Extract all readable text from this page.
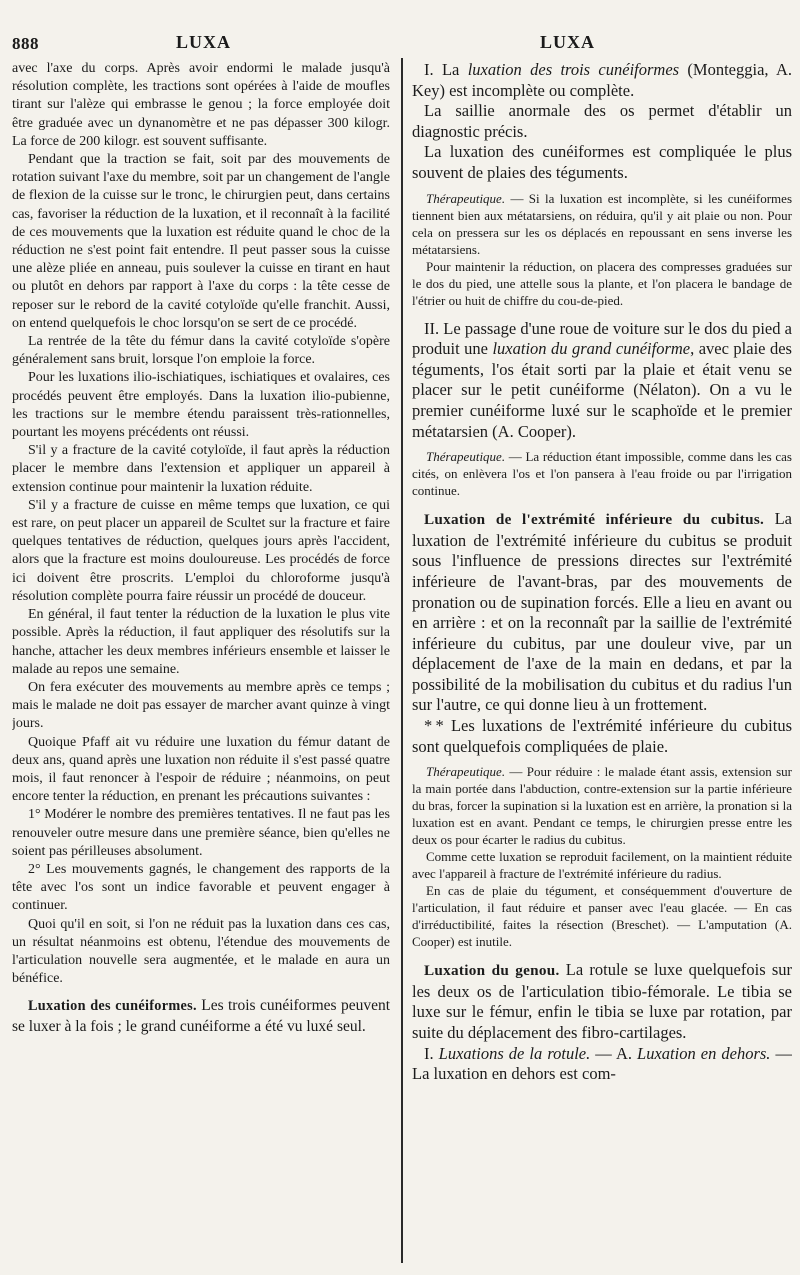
888	LUXA	LUXA

avec l'axe du corps. Après avoir endormi le malade jusqu'à résolution complète, les tractions sont opérées à l'aide de moufles tirant sur l'alèze qui embrasse le genou ; la force employée doit être graduée avec un dynanomètre et ne pas dépasser 300 kilogr. La force de 200 kilogr. est souvent suffisante.

Pendant que la traction se fait, soit par des mouvements de rotation suivant l'axe du membre, soit par un changement de l'angle de flexion de la cuisse sur le tronc, le chirurgien peut, dans certains cas, favoriser la réduction de la luxation, et il reconnaît à la facilité de ces mouvements que la luxation est réduite quand le choc de la réduction ne s'est point fait entendre. Il peut passer sous la cuisse une alèze pliée en anneau, puis soulever la cuisse en tirant en haut ou plutôt en dehors par rapport à l'axe du corps : la tête cesse de reposer sur le rebord de la cavité cotyloïde qu'elle franchit. Aussi, on entend quelquefois le choc lorsqu'on se sert de ce procédé.

La rentrée de la tête du fémur dans la cavité cotyloïde s'opère généralement sans bruit, lorsque l'on emploie la force.

Pour les luxations ilio-ischiatiques, ischiatiques et ovalaires, ces procédés peuvent être employés. Dans la luxation ilio-pubienne, les tractions sur le membre étendu paraissent très-rationnelles, pourtant les moyens précédents ont réussi.

S'il y a fracture de la cavité cotyloïde, il faut après la réduction placer le membre dans l'extension et appliquer un appareil à extension continue pour maintenir la luxation réduite.

S'il y a fracture de cuisse en même temps que luxation, ce qui est rare, on peut placer un appareil de Scultet sur la fracture et faire quelques tentatives de réduction, quelques jours après l'accident, alors que la fracture est moins douloureuse. Les procédés de force ici doivent être proscrits. L'emploi du chloroforme jusqu'à résolution complète pourra faire réussir un procédé de douceur.

En général, il faut tenter la réduction de la luxation le plus vite possible. Après la réduction, il faut appliquer des résolutifs sur la hanche, attacher les deux membres inférieurs ensemble et laisser le malade au repos une semaine.

On fera exécuter des mouvements au membre après ce temps ; mais le malade ne doit pas essayer de marcher avant quinze à vingt jours.

Quoique Pfaff ait vu réduire une luxation du fémur datant de deux ans, quand après une luxation non réduite il s'est passé quatre mois, il faut renoncer à l'espoir de réduire ; néanmoins, on peut encore tenter la réduction, en prenant les précautions suivantes :

1° Modérer le nombre des premières tentatives. Il ne faut pas les renouveler outre mesure dans une première séance, bien qu'elles ne soient pas périlleuses absolument.

2° Les mouvements gagnés, le changement des rapports de la tête avec l'os sont un indice favorable et peuvent engager à continuer.

Quoi qu'il en soit, si l'on ne réduit pas la luxation dans ces cas, un résultat néanmoins est obtenu, l'étendue des mouvements de l'articulation nouvelle sera augmentée, et le malade en aura un bénéfice.

Luxation des cunéiformes. Les trois cunéiformes peuvent se luxer à la fois ; le grand cunéiforme a été vu luxé seul.

I. La luxation des trois cunéiformes (Monteggia, A. Key) est incomplète ou complète.

La saillie anormale des os permet d'établir un diagnostic précis.

La luxation des cunéiformes est compliquée le plus souvent de plaies des téguments.

Thérapeutique. — Si la luxation est incomplète, si les cunéiformes tiennent bien aux métatarsiens, on réduira, qu'il y ait plaie ou non. Pour cela on pressera sur les os déplacés en repoussant en sens inverse les métatarsiens.

Pour maintenir la réduction, on placera des compresses graduées sur le dos du pied, une attelle sous la plante, et l'on placera le bandage de l'étrier ou huit de chiffre du cou-de-pied.

II. Le passage d'une roue de voiture sur le dos du pied a produit une luxation du grand cunéiforme, avec plaie des téguments, l'os était sorti par la plaie et était venu se placer sur le petit cunéiforme (Nélaton). On a vu le premier cunéiforme luxé sur le scaphoïde et le premier métatarsien (A. Cooper).

Thérapeutique. — La réduction étant impossible, comme dans les cas cités, on enlèvera l'os et l'on pansera à l'eau froide ou par l'irrigation continue.

Luxation de l'extrémité inférieure du cubitus. La luxation de l'extrémité inférieure du cubitus se produit sous l'influence de pressions directes sur l'extrémité inférieure de l'avant-bras, par des mouvements de pronation ou de supination forcés. Elle a lieu en avant ou en arrière : et on la reconnaît par la saillie de l'extrémité inférieure du cubitus, par une douleur vive, par un déplacement de l'axe de la main en dedans, et par la possibilité de la mobilisation du cubitus et du radius l'un sur l'autre, ce qui donne lieu à un frottement.

* * Les luxations de l'extrémité inférieure du cubitus sont quelquefois compliquées de plaie.

Thérapeutique. — Pour réduire : le malade étant assis, extension sur la main portée dans l'abduction, contre-extension sur la partie inférieure du bras, forcer la supination si la luxation est en arrière, la pronation si la luxation est en avant. Pendant ce temps, le chirurgien presse entre les deux os pour écarter le radius du cubitus.

Comme cette luxation se reproduit facilement, on la maintient réduite avec l'appareil à fracture de l'extrémité inférieure du radius.

En cas de plaie du tégument, et conséquemment d'ouverture de l'articulation, il faut réduire et panser avec l'eau glacée. — En cas d'irréductibilité, faites la résection (Breschet). — L'amputation (A. Cooper) est inutile.

Luxation du genou. La rotule se luxe quelquefois sur les deux os de l'articulation tibio-fémorale. Le tibia se luxe sur le fémur, enfin le tibia se luxe par rotation, par suite du déplacement des fibro-cartilages.

I. Luxations de la rotule. — A. Luxation en dehors. — La luxation en dehors est com-
